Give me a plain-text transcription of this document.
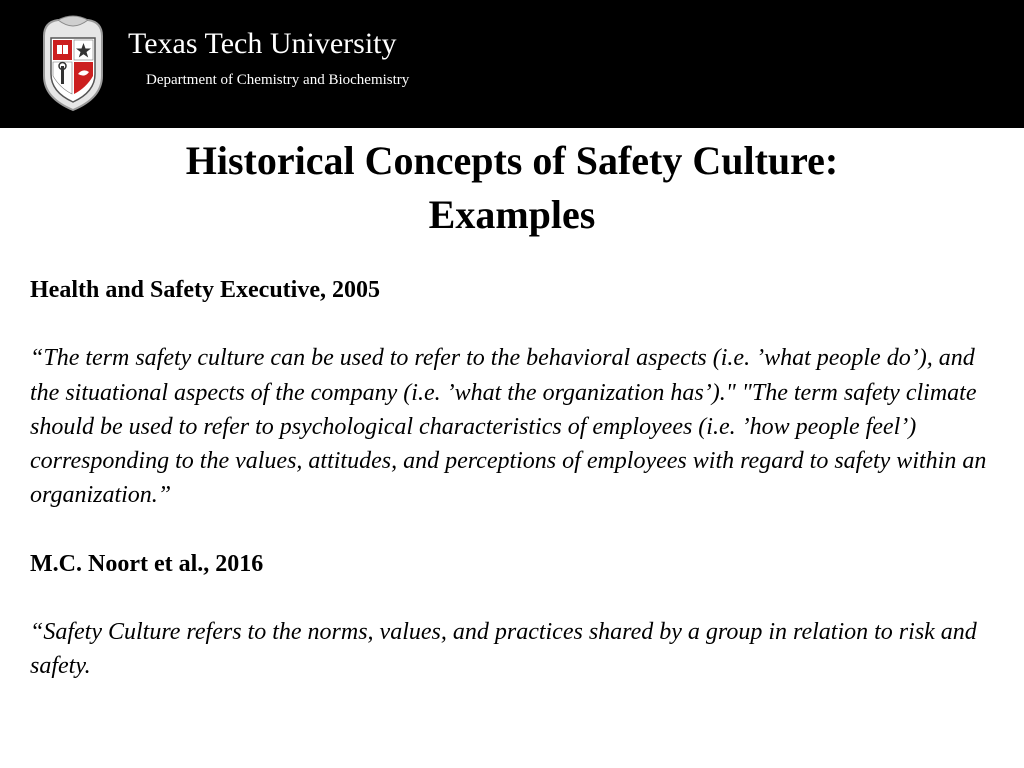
Texas Tech University
Department of Chemistry and Biochemistry
Historical Concepts of Safety Culture:
Examples

Health and Safety Executive, 2005

“The term safety culture can be used to refer to the behavioral aspects (i.e. ’what people do’), and the situational aspects of the company (i.e. ’what the organization has’)." "The term safety climate should be used to refer to psychological characteristics of employees (i.e. ’how people feel’) corresponding to the values, attitudes, and perceptions of employees with regard to safety within an organization.”

M.C. Noort et al., 2016

“Safety Culture refers to the norms, values, and practices shared by a group in relation to risk and safety.
